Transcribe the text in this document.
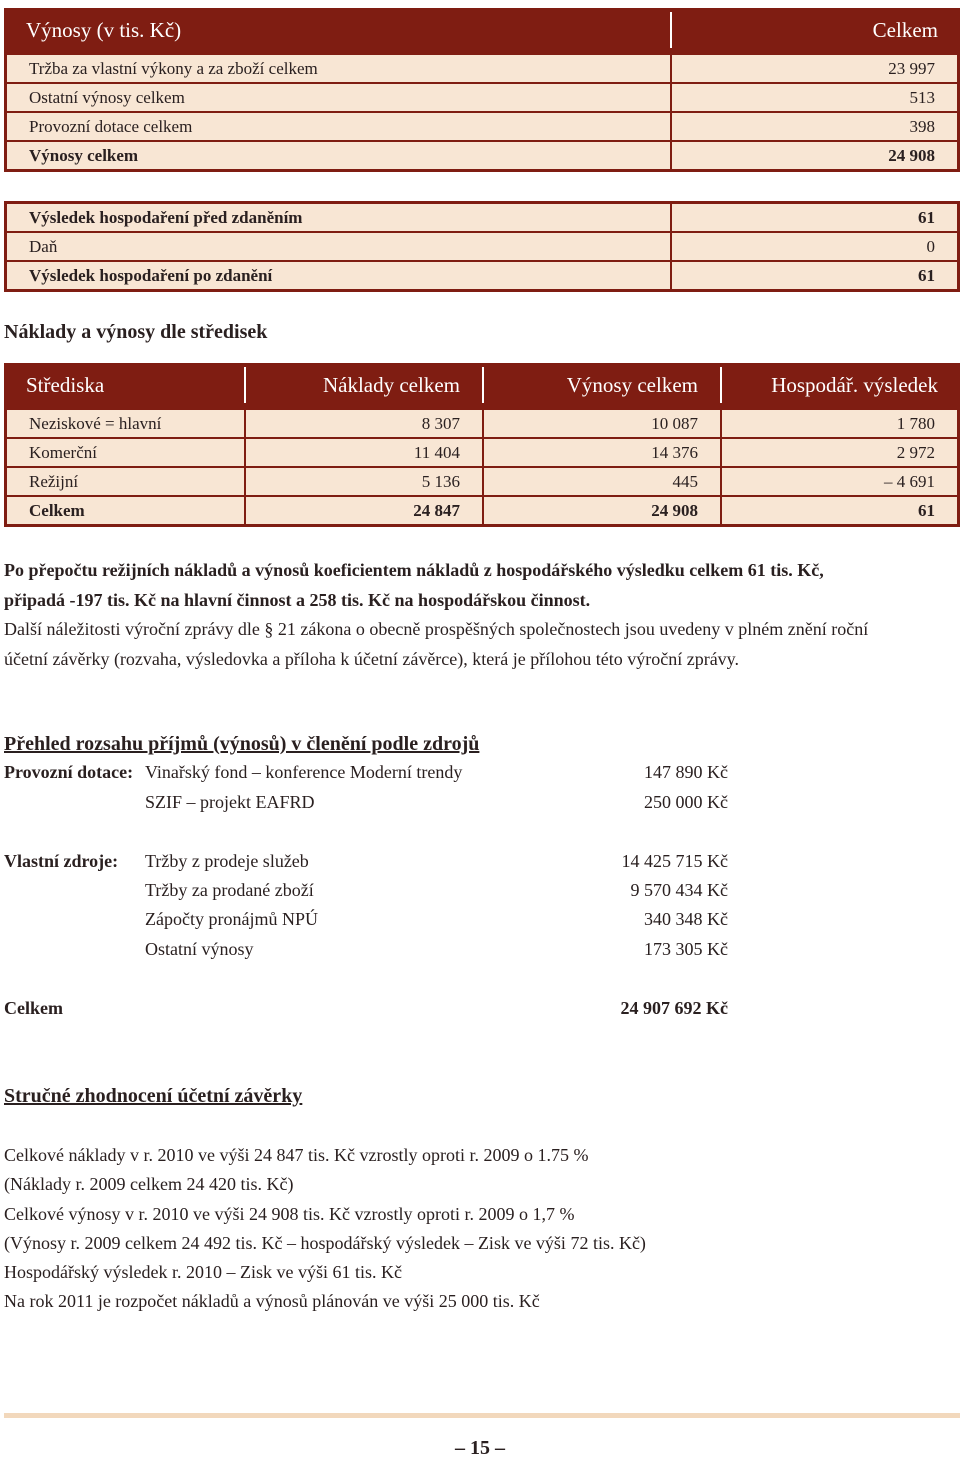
Výnosy (v tis. Kč)	Celkem
Tržba za vlastní výkony a za zboží celkem	23 997
Ostatní výnosy celkem	513
Provozní dotace celkem	398
Výnosy celkem	24 908
Výsledek hospodaření před zdaněním	61
Daň	0
Výsledek hospodaření po zdanění	61
Náklady a výnosy dle středisek
Střediska	Náklady celkem	Výnosy celkem	Hospodář. výsledek
Neziskové = hlavní	8 307	10 087	1 780
Komerční	11 404	14 376	2 972
Režijní	5 136	445	– 4 691
Celkem	24 847	24 908	61
Po přepočtu režijních nákladů a výnosů koeficientem nákladů z hospodářského výsledku celkem 61 tis. Kč,
připadá -197 tis. Kč na hlavní činnost a 258 tis. Kč na hospodářskou činnost.
Další náležitosti výroční zprávy dle § 21 zákona o obecně prospěšných společnostech jsou uvedeny v plném znění roční
účetní závěrky (rozvaha, výsledovka a příloha k účetní závěrce), která je přílohou této výroční zprávy.
Přehled rozsahu příjmů (výnosů) v členění podle zdrojů
Provozní dotace: Vinařský fond – konference Moderní trendy	147 890 Kč
SZIF – projekt EAFRD	250 000 Kč
Vlastní zdroje: Tržby z prodeje služeb	14 425 715 Kč
Tržby za prodané zboží	9 570 434 Kč
Zápočty pronájmů NPÚ	340 348 Kč
Ostatní výnosy	173 305 Kč
Celkem	24 907 692 Kč
Stručné zhodnocení účetní závěrky
Celkové náklady v r. 2010 ve výši 24 847 tis. Kč vzrostly oproti r. 2009 o 1.75 %
(Náklady r. 2009 celkem 24 420 tis. Kč)
Celkové výnosy v r. 2010 ve výši 24 908 tis. Kč vzrostly oproti r. 2009 o 1,7 %
(Výnosy r. 2009 celkem 24 492 tis. Kč – hospodářský výsledek – Zisk ve výši 72 tis. Kč)
Hospodářský výsledek r. 2010 – Zisk ve výši 61 tis. Kč
Na rok 2011 je rozpočet nákladů a výnosů plánován ve výši 25 000 tis. Kč
– 15 –
